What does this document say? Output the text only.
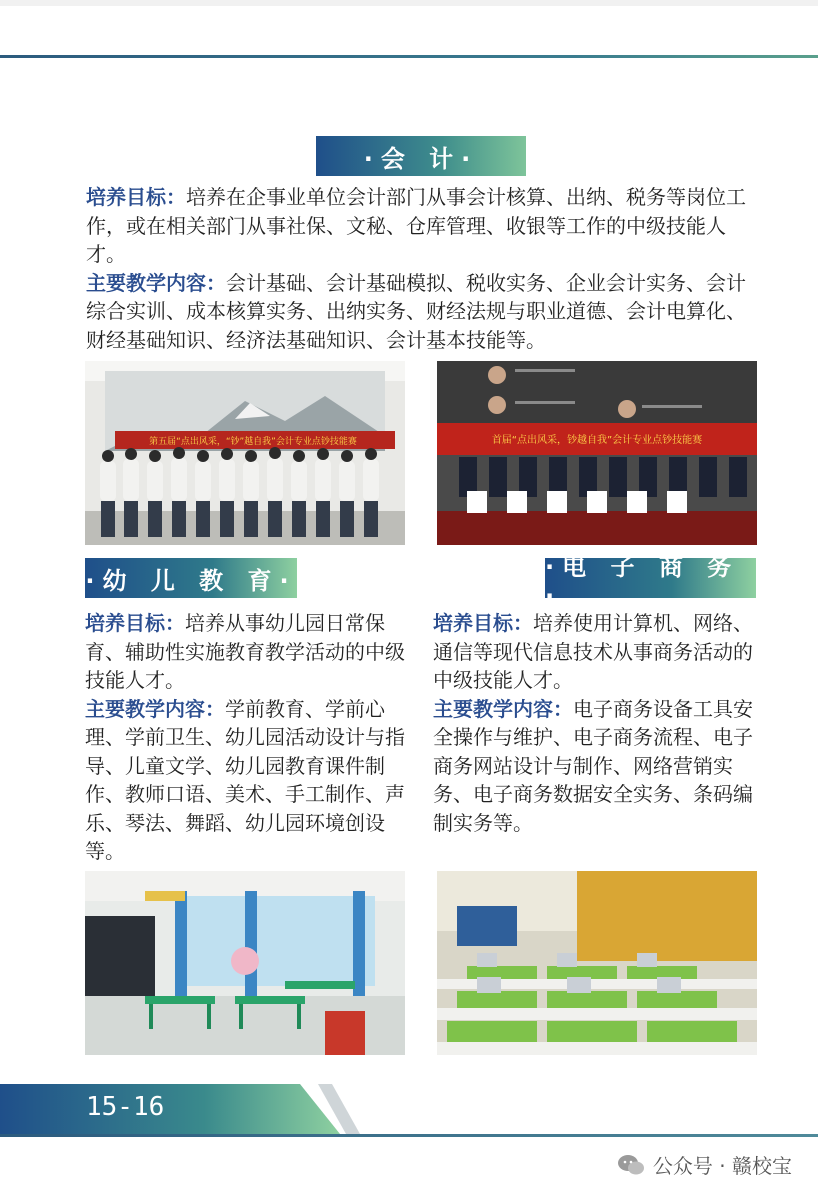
·会 计·

培养目标：培养在企事业单位会计部门从事会计核算、出纳、税务等岗位工作，或在相关部门从事社保、文秘、仓库管理、收银等工作的中级技能人才。

主要教学内容：会计基础、会计基础模拟、税收实务、企业会计实务、会计综合实训、成本核算实务、出纳实务、财经法规与职业道德、会计电算化、财经基础知识、经济法基础知识、会计基本技能等。

第五届“点出风采，“钞”越自我”会计专业点钞技能赛	首届“点出风采，钞越自我”会计专业点钞技能赛
·幼 儿 教 育·

培养目标：培养从事幼儿园日常保育、辅助性实施教育教学活动的中级技能人才。

主要教学内容：学前教育、学前心理、学前卫生、幼儿园活动设计与指导、儿童文学、幼儿园教育课件制作、教师口语、美术、手工制作、声乐、琴法、舞蹈、幼儿园环境创设等。

·电 子 商 务·

培养目标：培养使用计算机、网络、通信等现代信息技术从事商务活动的中级技能人才。

主要教学内容：电子商务设备工具安全操作与维护、电子商务流程、电子商务网站设计与制作、网络营销实务、电子商务数据安全实务、条码编制实务等。

15-16
公众号 · 赣校宝
